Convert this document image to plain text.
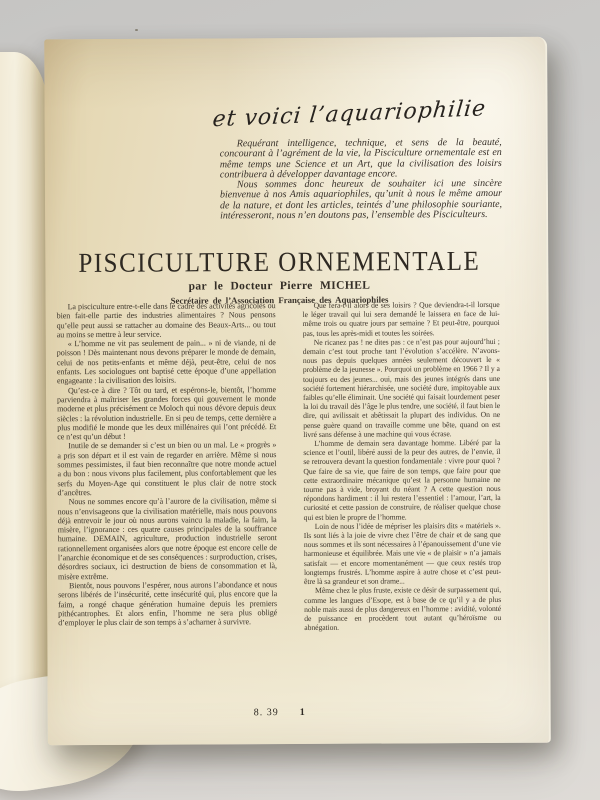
et voici l’aquariophilie

Requérant intelligence, technique, et sens de la beauté, concourant à l’agrément de la vie, la Pisciculture ornementale est en même temps une Science et un Art, que la civilisation des loisirs contribuera à développer davantage encore.

Nous sommes donc heureux de souhaiter ici une sincère bienvenue à nos Amis aquariophiles, qu’unit à nous le même amour de la nature, et dont les articles, teintés d’une philosophie souriante, intéresseront, nous n’en doutons pas, l’ensemble des Pisciculteurs.

PISCICULTURE ORNEMENTALE
par le Docteur Pierre MICHEL
Secrétaire de l’Association Française des Aquariophiles

La pisciculture entre-t-elle dans le cadre des activités agricoles ou bien fait-elle partie des industries alimentaires ? Nous pensons qu’elle peut aussi se rattacher au domaine des Beaux-Arts... ou tout au moins se mettre à leur service.

« L’homme ne vit pas seulement de pain... » ni de viande, ni de poisson ! Dès maintenant nous devons préparer le monde de demain, celui de nos petits-enfants et même déjà, peut-être, celui de nos enfants. Les sociologues ont baptisé cette époque d’une appellation engageante : la civilisation des loisirs.

Qu’est-ce à dire ? Tôt ou tard, et espérons-le, bientôt, l’homme parviendra à maîtriser les grandes forces qui gouvernent le monde moderne et plus précisément ce Moloch qui nous dévore depuis deux siècles : la révolution industrielle. En si peu de temps, cette dernière a plus modifié le monde que les deux millénaires qui l’ont précédé. Et ce n’est qu’un début !

Inutile de se demander si c’est un bien ou un mal. Le « progrès » a pris son départ et il est vain de regarder en arrière. Même si nous sommes pessimistes, il faut bien reconnaître que notre monde actuel a du bon : nous vivons plus facilement, plus confortablement que les serfs du Moyen-Age qui constituent le plus clair de notre stock d’ancêtres.

Nous ne sommes encore qu’à l’aurore de la civilisation, même si nous n’envisageons que la civilisation matérielle, mais nous pouvons déjà entrevoir le jour où nous aurons vaincu la maladie, la faim, la misère, l’ignorance : ces quatre causes principales de la souffrance humaine. DEMAIN, agriculture, production industrielle seront rationnellement organisées alors que notre époque est encore celle de l’anarchie économique et de ses conséquences : surproduction, crises, désordres sociaux, ici destruction de biens de consommation et là, misère extrême.

Bientôt, nous pouvons l’espérer, nous aurons l’abondance et nous serons libérés de l’insécurité, cette insécurité qui, plus encore que la faim, a rongé chaque génération humaine depuis les premiers pithécantrophes. Et alors enfin, l’homme ne sera plus obligé d’employer le plus clair de son temps à s’acharner à survivre.

Que fera-t-il alors de ses loisirs ? Que deviendra-t-il lorsque le léger travail qui lui sera demandé le laissera en face de lui-même trois ou quatre jours par semaine ? Et peut-être, pourquoi pas, tous les après-midi et toutes les soirées.

Ne ricanez pas ! ne dites pas : ce n’est pas pour aujourd’hui ; demain c’est tout proche tant l’évolution s’accélère. N’avons-nous pas depuis quelques années seulement découvert le « problème de la jeunesse ». Pourquoi un problème en 1966 ? Il y a toujours eu des jeunes... oui, mais des jeunes intégrés dans une société fortement hiérarchisée, une société dure, impitoyable aux faibles qu’elle éliminait. Une société qui faisait lourdement peser la loi du travail dès l’âge le plus tendre, une société, il faut bien le dire, qui avilissait et abêtissait la plupart des individus. On ne pense guère quand on travaille comme une bête, quand on est livré sans défense à une machine qui vous écrase.

L’homme de demain sera davantage homme. Libéré par la science et l’outil, libéré aussi de la peur des autres, de l’envie, il se retrouvera devant la question fondamentale : vivre pour quoi ? Que faire de sa vie, que faire de son temps, que faire pour que cette extraordinaire mécanique qu’est la personne humaine ne tourne pas à vide, broyant du néant ? A cette question nous répondons hardiment : il lui restera l’essentiel : l’amour, l’art, la curiosité et cette passion de construire, de réaliser quelque chose qui est bien le propre de l’homme.

Loin de nous l’idée de mépriser les plaisirs dits « matériels ». Ils sont liés à la joie de vivre chez l’être de chair et de sang que nous sommes et ils sont nécessaires à l’épanouissement d’une vie harmonieuse et équilibrée. Mais une vie « de plaisir » n’a jamais satisfait — et encore momentanément — que ceux restés trop longtemps frustrés. L’homme aspire à autre chose et c’est peut-être là sa grandeur et son drame...

Même chez le plus fruste, existe ce désir de surpassement qui, comme les langues d’Esope, est à base de ce qu’il y a de plus noble mais aussi de plus dangereux en l’homme : avidité, volonté de puissance en procèdent tout autant qu’héroïsme ou abnégation.

8. 39 1
